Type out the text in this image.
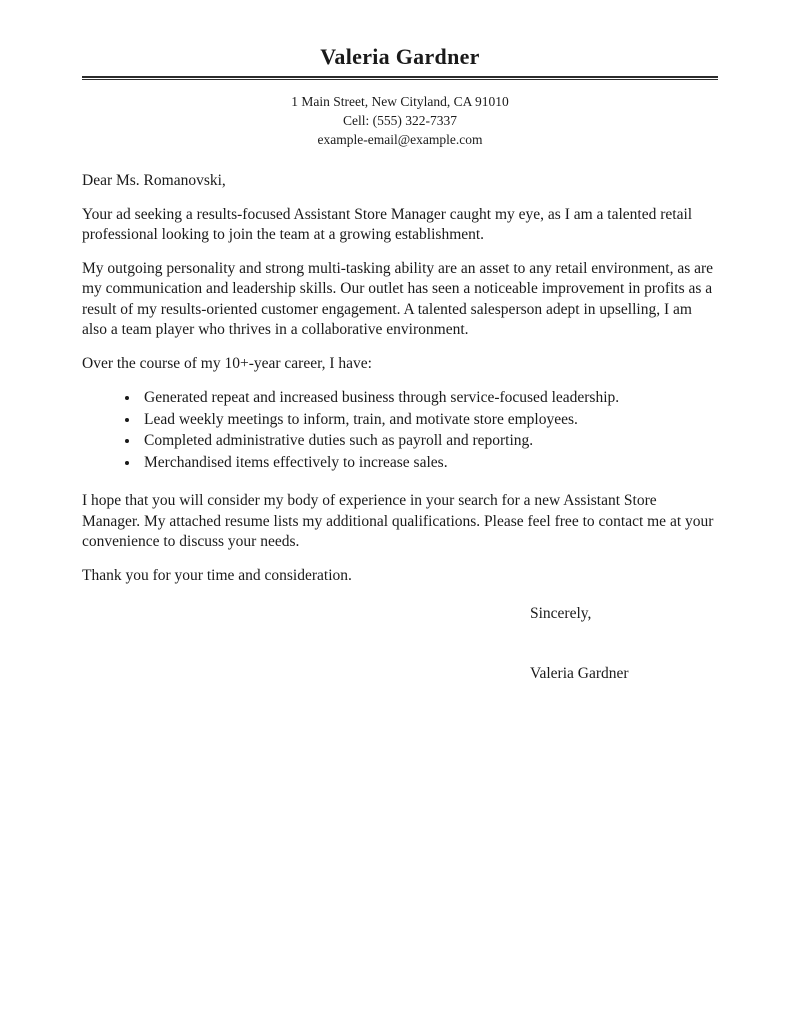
Valeria Gardner
1 Main Street, New Cityland, CA 91010
Cell: (555) 322-7337
example-email@example.com

Dear Ms. Romanovski,

Your ad seeking a results-focused Assistant Store Manager caught my eye, as I am a talented retail professional looking to join the team at a growing establishment.

My outgoing personality and strong multi-tasking ability are an asset to any retail environment, as are my communication and leadership skills. Our outlet has seen a noticeable improvement in profits as a result of my results-oriented customer engagement. A talented salesperson adept in upselling, I am also a team player who thrives in a collaborative environment.

Over the course of my 10+-year career, I have:

• Generated repeat and increased business through service-focused leadership.
• Lead weekly meetings to inform, train, and motivate store employees.
• Completed administrative duties such as payroll and reporting.
• Merchandised items effectively to increase sales.

I hope that you will consider my body of experience in your search for a new Assistant Store Manager. My attached resume lists my additional qualifications. Please feel free to contact me at your convenience to discuss your needs.

Thank you for your time and consideration.

Sincerely,

Valeria Gardner
